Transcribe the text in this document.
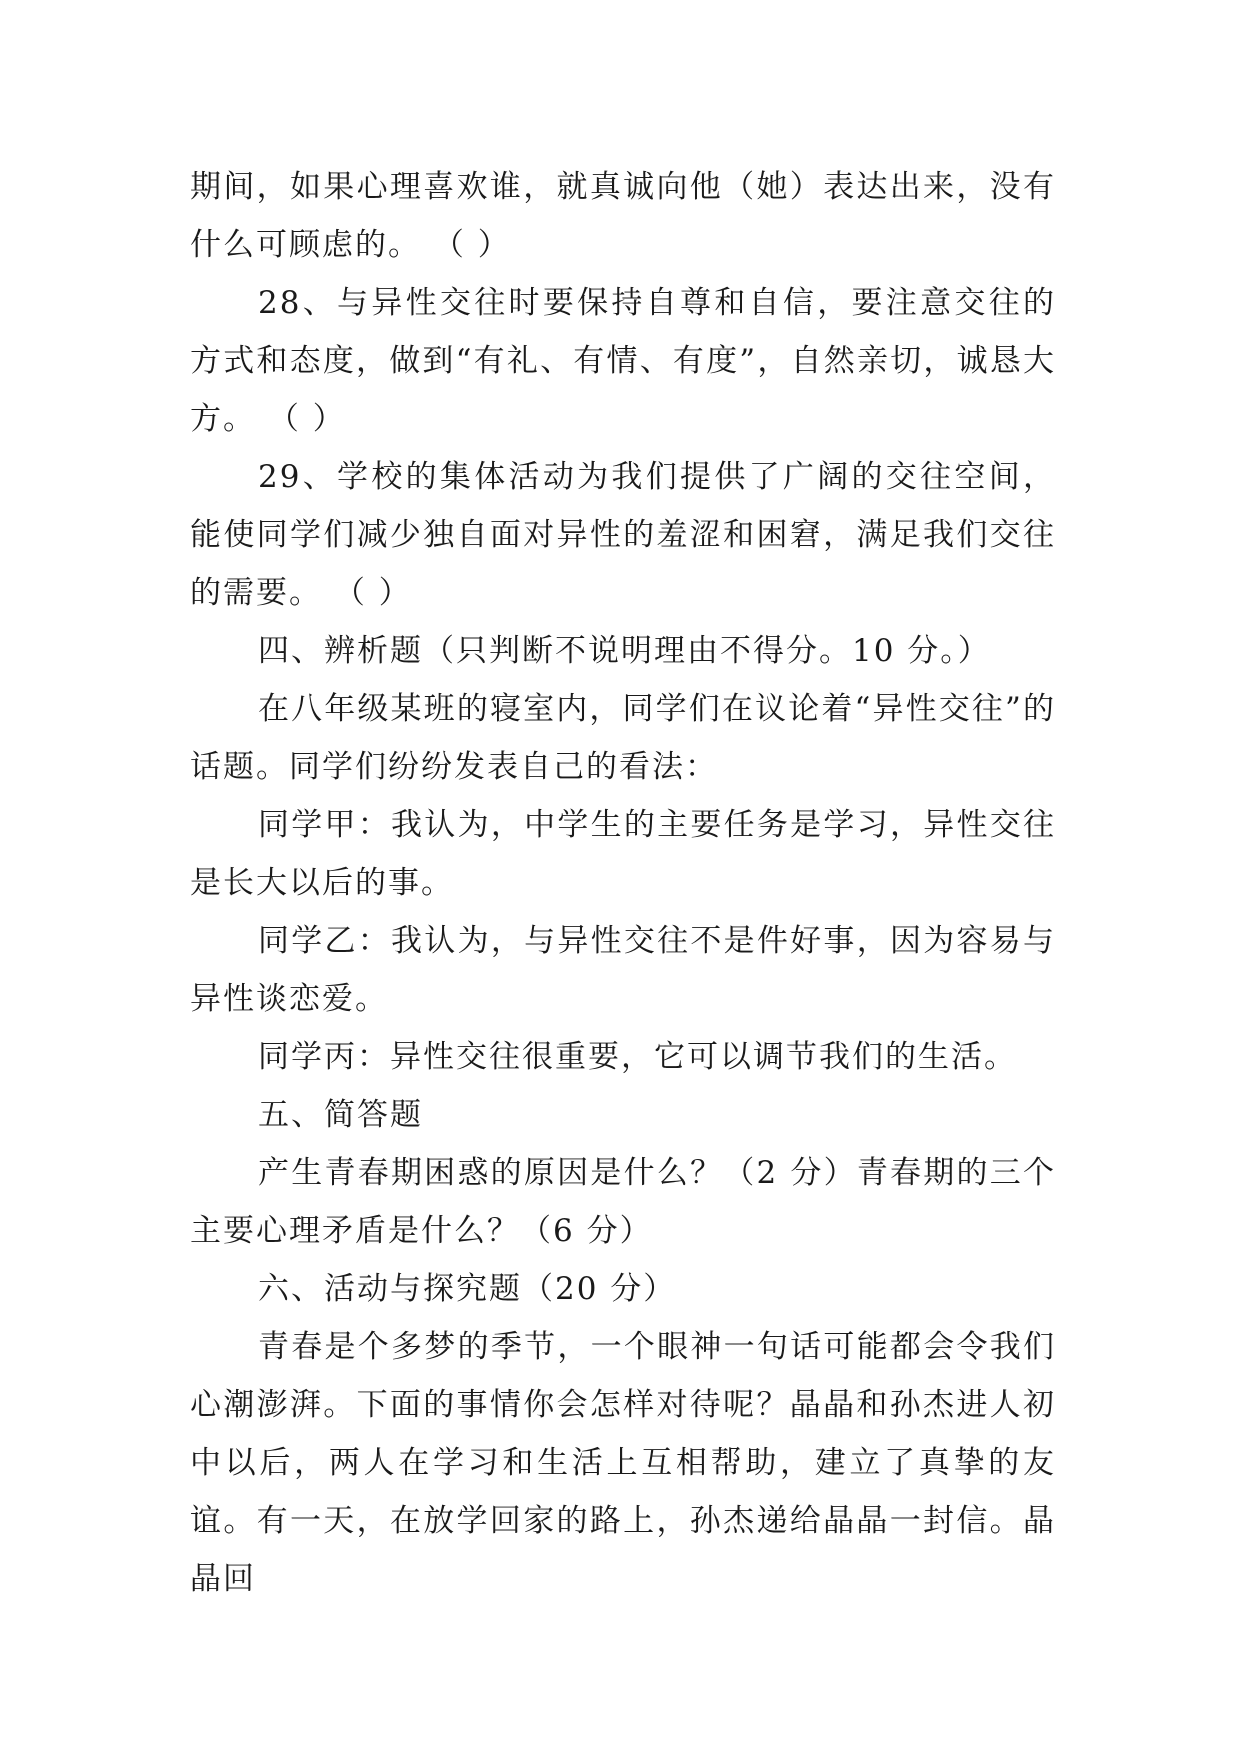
期间，如果心理喜欢谁，就真诚向他（她）表达出来，没有什么可顾虑的。 （ ）

28、与异性交往时要保持自尊和自信，要注意交往的方式和态度，做到“有礼、有情、有度”，自然亲切，诚恳大方。 （ ）

29、学校的集体活动为我们提供了广阔的交往空间，能使同学们减少独自面对异性的羞涩和困窘，满足我们交往的需要。 （ ）

四、辨析题（只判断不说明理由不得分。10 分。）

在八年级某班的寝室内，同学们在议论着“异性交往”的话题。同学们纷纷发表自己的看法：

同学甲：我认为，中学生的主要任务是学习，异性交往是长大以后的事。

同学乙：我认为，与异性交往不是件好事，因为容易与异性谈恋爱。

同学丙：异性交往很重要，它可以调节我们的生活。

五、简答题

产生青春期困惑的原因是什么？（2 分）青春期的三个主要心理矛盾是什么？（6 分）

六、活动与探究题（20 分）

青春是个多梦的季节，一个眼神一句话可能都会令我们心潮澎湃。下面的事情你会怎样对待呢？晶晶和孙杰进人初中以后，两人在学习和生活上互相帮助，建立了真挚的友谊。有一天，在放学回家的路上，孙杰递给晶晶一封信。晶晶回
